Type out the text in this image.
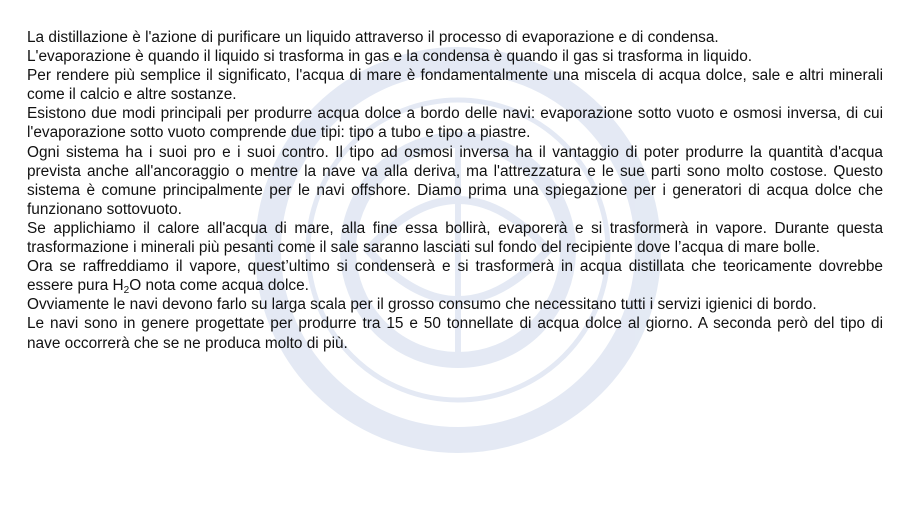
La distillazione è l'azione di purificare un liquido attraverso il processo di evaporazione e di condensa.

L'evaporazione è quando il liquido si trasforma in gas e la condensa è quando il gas si trasforma in liquido.

Per rendere più semplice il significato, l'acqua di mare è fondamentalmente una miscela di acqua dolce, sale e altri minerali come il calcio e altre sostanze.

Esistono due modi principali per produrre acqua dolce a bordo delle navi: evaporazione sotto vuoto e osmosi inversa, di cui l'evaporazione sotto vuoto comprende due tipi: tipo a tubo e tipo a piastre.

Ogni sistema ha i suoi pro e i suoi contro. Il tipo ad osmosi inversa ha il vantaggio di poter produrre la quantità d'acqua prevista anche all'ancoraggio o mentre la nave va alla deriva, ma l'attrezzatura e le sue parti sono molto costose. Questo sistema è comune principalmente per le navi offshore. Diamo prima una spiegazione per i generatori di acqua dolce che funzionano sottovuoto.

Se applichiamo il calore all'acqua di mare, alla fine essa bollirà, evaporerà e si trasformerà in vapore. Durante questa trasformazione i minerali più pesanti come il sale saranno lasciati sul fondo del recipiente dove l’acqua di mare bolle.

Ora se raffreddiamo il vapore, quest’ultimo si condenserà e si trasformerà in acqua distillata che teoricamente dovrebbe essere pura $H_2O$ nota come acqua dolce.

Ovviamente le navi devono farlo su larga scala per il grosso consumo che necessitano tutti i servizi igienici di bordo.

Le navi sono in genere progettate per produrre tra 15 e 50 tonnellate di acqua dolce al giorno. A seconda però del tipo di nave occorrerà che se ne produca molto di più.
